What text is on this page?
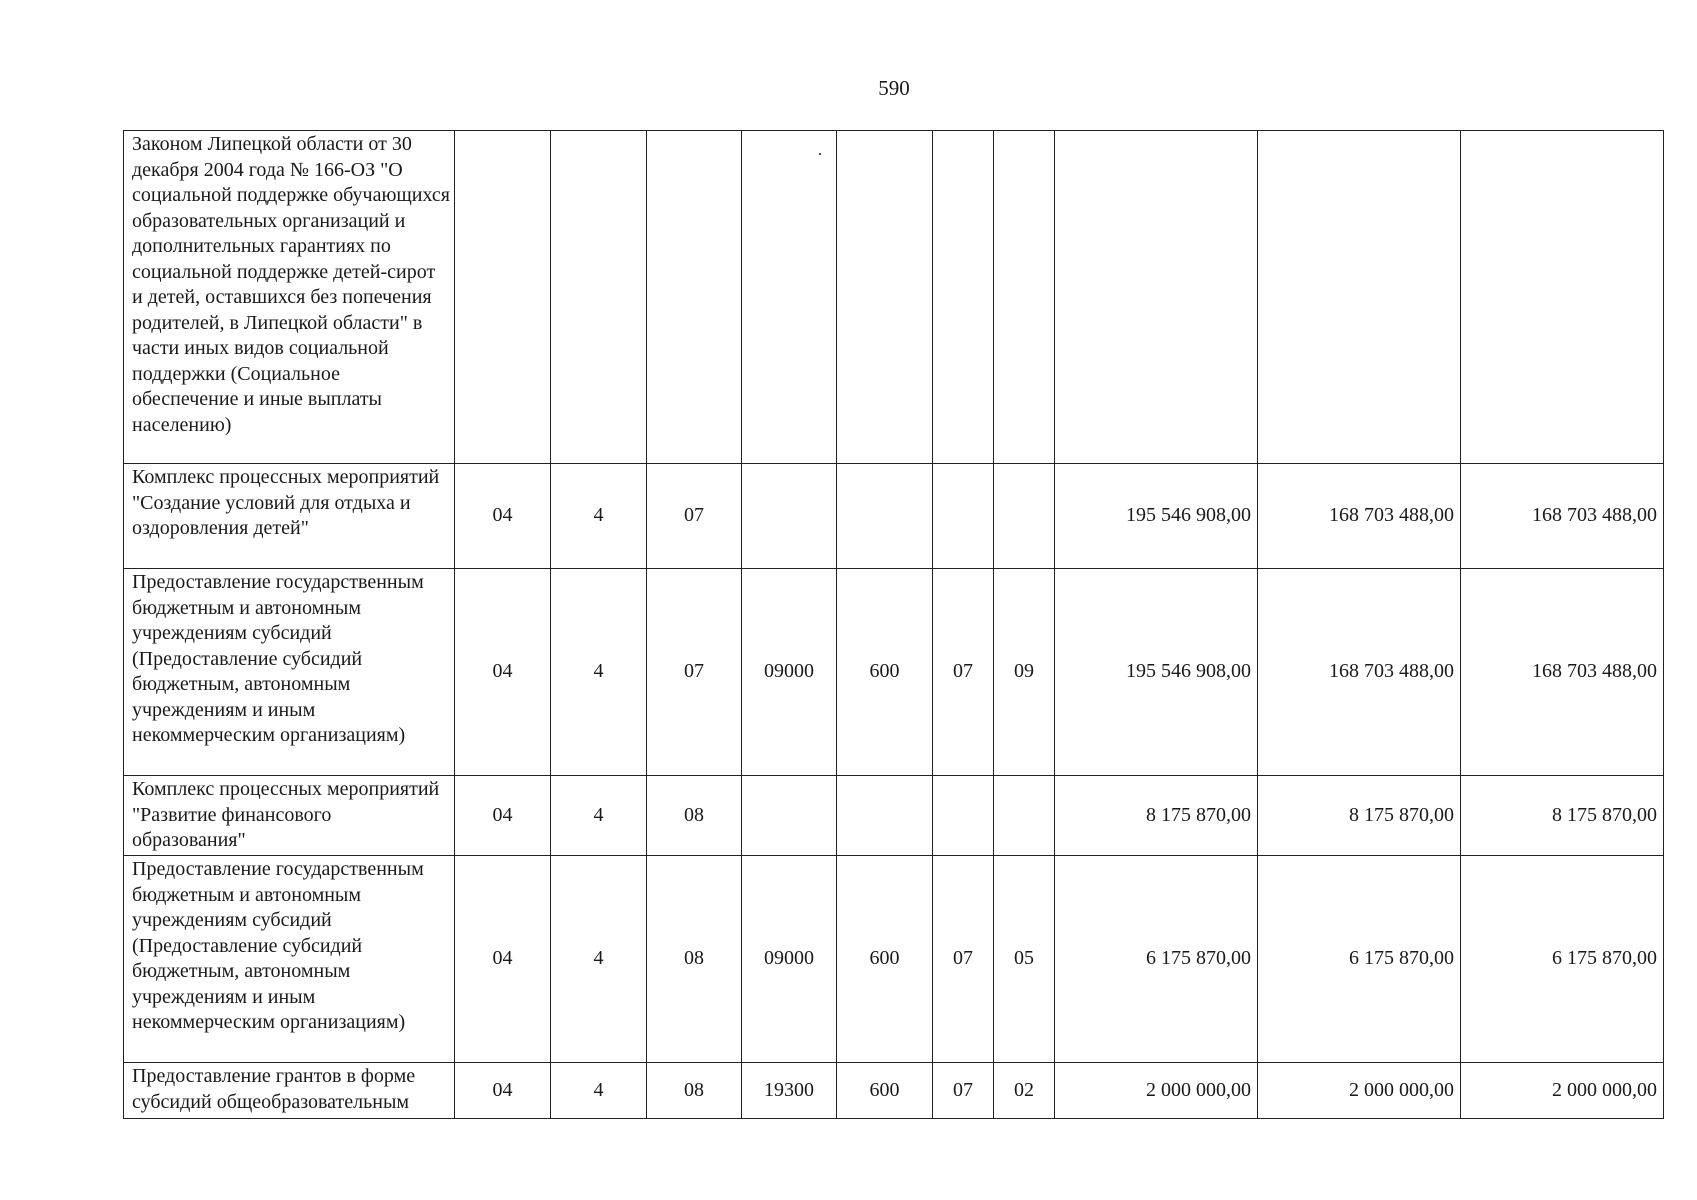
590
Законом Липецкой области от 30 декабря 2004 года № 166-ОЗ "О социальной поддержке обучающихся образовательных организаций и дополнительных гарантиях по социальной поддержке детей-сирот и детей, оставшихся без попечения родителей, в Липецкой области" в части иных видов социальной поддержки (Социальное обеспечение и иные выплаты населению)										
Комплекс процессных мероприятий "Создание условий для отдыха и оздоровления детей"	04	4	07					195 546 908,00	168 703 488,00	168 703 488,00
Предоставление государственным бюджетным и автономным учреждениям субсидий (Предоставление субсидий бюджетным, автономным учреждениям и иным некоммерческим организациям)	04	4	07	09000	600	07	09	195 546 908,00	168 703 488,00	168 703 488,00
Комплекс процессных мероприятий "Развитие финансового образования"	04	4	08					8 175 870,00	8 175 870,00	8 175 870,00
Предоставление государственным бюджетным и автономным учреждениям субсидий (Предоставление субсидий бюджетным, автономным учреждениям и иным некоммерческим организациям)	04	4	08	09000	600	07	05	6 175 870,00	6 175 870,00	6 175 870,00
Предоставление грантов в форме субсидий общеобразовательным	04	4	08	19300	600	07	02	2 000 000,00	2 000 000,00	2 000 000,00
